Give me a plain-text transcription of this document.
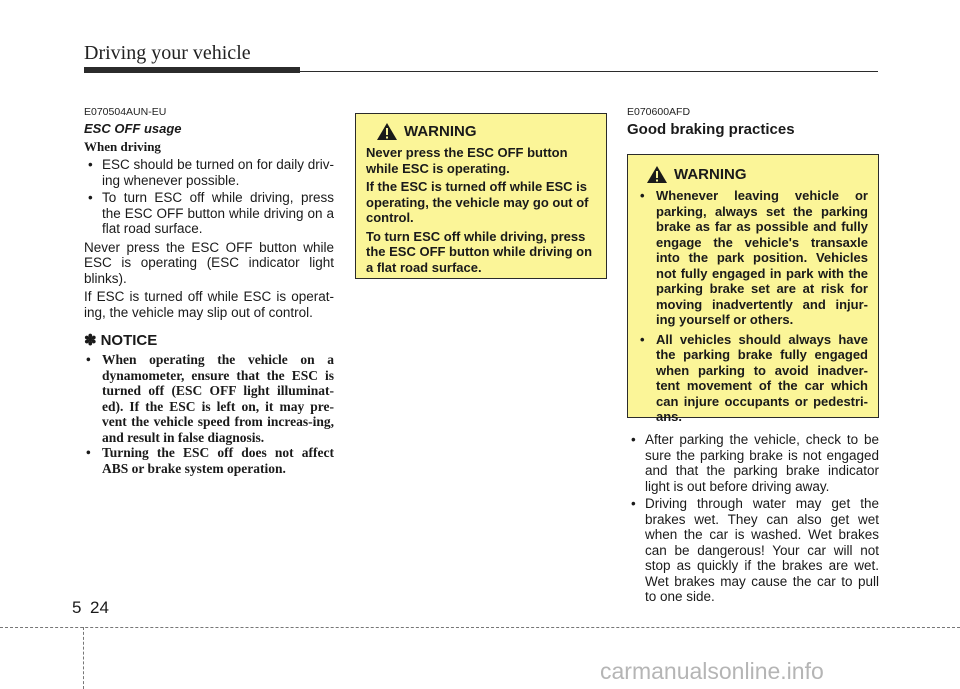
Driving your vehicle
E070504AUN-EU
ESC OFF usage
When driving
• ESC should be turned on for daily driv-ing whenever possible.
• To turn ESC off while driving, press the ESC OFF button while driving on a flat road surface.

Never press the ESC OFF button while ESC is operating (ESC indicator light blinks).

If ESC is turned off while ESC is operat-ing, the vehicle may slip out of control.

✽ NOTICE
• When operating the vehicle on a dynamometer, ensure that the ESC is turned off (ESC OFF light illuminat-ed). If the ESC is left on, it may pre-vent the vehicle speed from increas-ing, and result in false diagnosis.
• Turning the ESC off does not affect ABS or brake system operation.
WARNING

Never press the ESC OFF button while ESC is operating.

If the ESC is turned off while ESC is operating, the vehicle may go out of control.

To turn ESC off while driving, press the ESC OFF button while driving on a flat road surface.

E070600AFD
Good braking practices
WARNING
• Whenever leaving vehicle or parking, always set the parking brake as far as possible and fully engage the vehicle's transaxle into the park position. Vehicles not fully engaged in park with the parking brake set are at risk for moving inadvertently and injur-ing yourself or others.
• All vehicles should always have the parking brake fully engaged when parking to avoid inadver-tent movement of the car which can injure occupants or pedestri-ans.
• After parking the vehicle, check to be sure the parking brake is not engaged and that the parking brake indicator light is out before driving away.
• Driving through water may get the brakes wet. They can also get wet when the car is washed. Wet brakes can be dangerous! Your car will not stop as quickly if the brakes are wet. Wet brakes may cause the car to pull to one side.
5 24
carmanualsonline.info
